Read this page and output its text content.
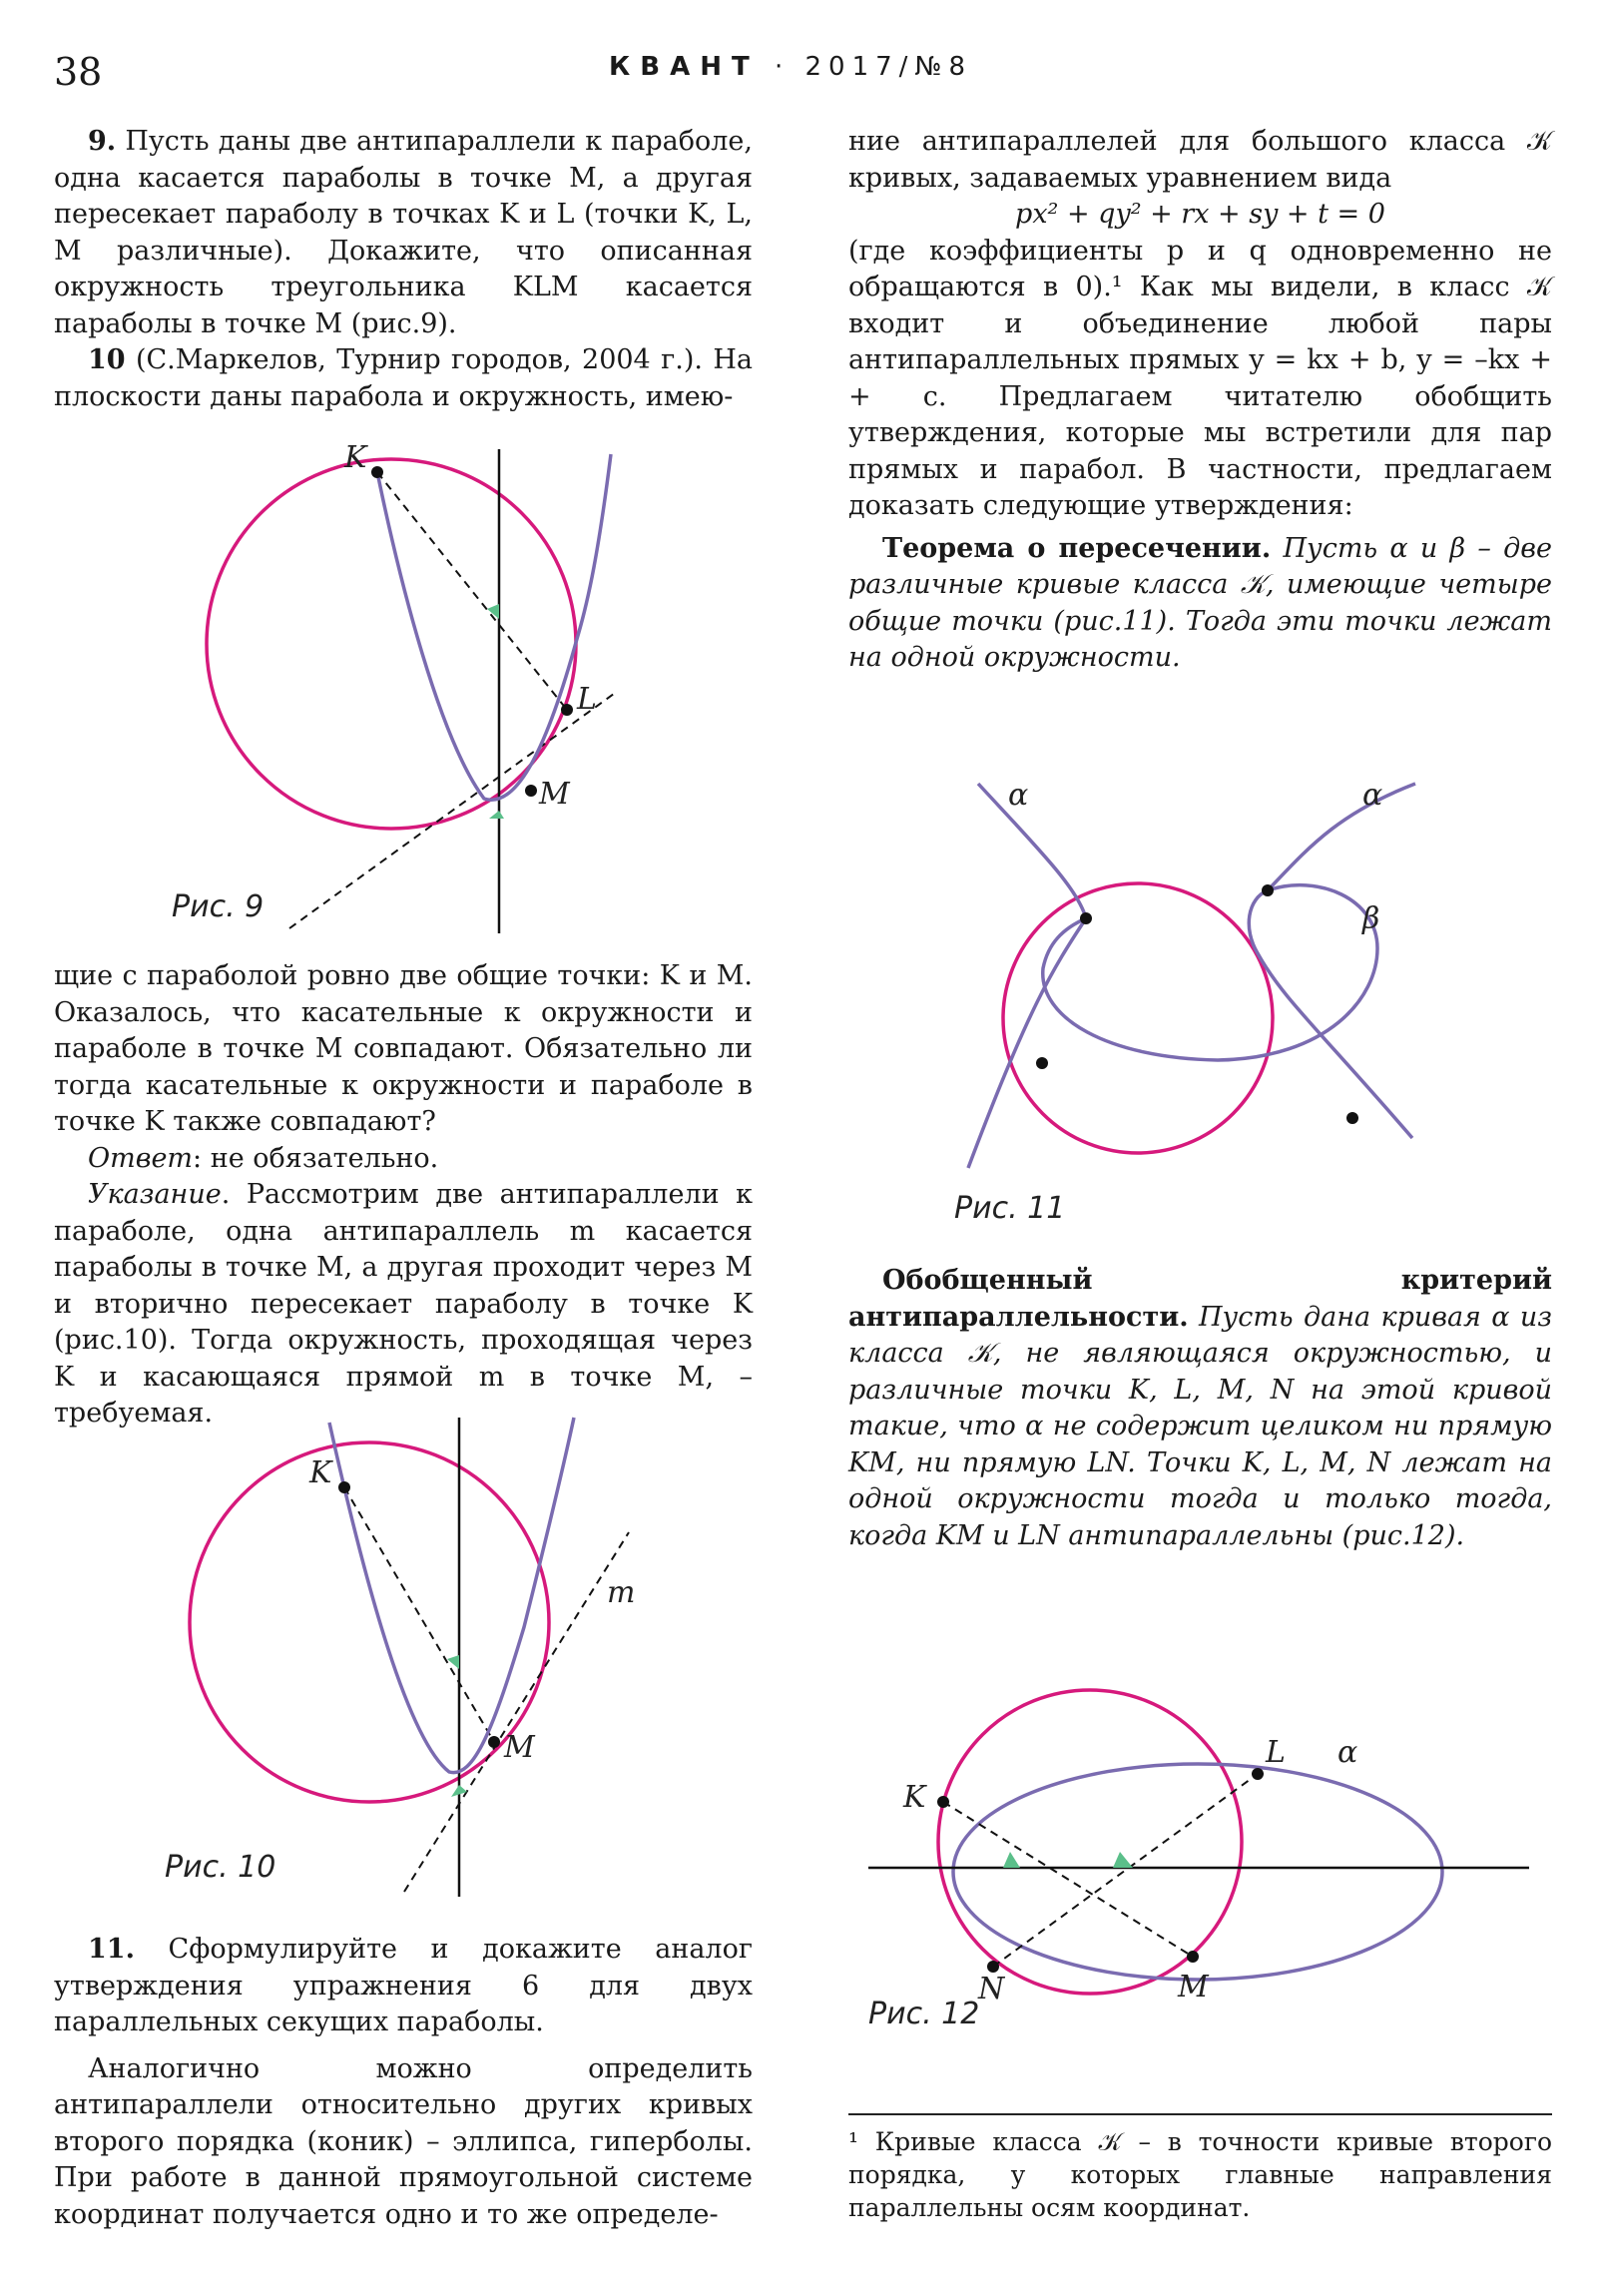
38	КВАНТ · 2017/№8

9. Пусть даны две антипараллели к параболе, одна касается параболы в точке M, а другая пересекает параболу в точках K и L (точки K, L, M различные). Докажите, что описанная окружность треугольника KLM касается параболы в точке M (рис.9).

10 (С.Маркелов, Турнир городов, 2004 г.). На плоскости даны парабола и окружность, имею-

K
L
M
Рис. 9

щие с параболой ровно две общие точки: K и M. Оказалось, что касательные к окружности и параболе в точке M совпадают. Обязательно ли тогда касательные к окружности и параболе в точке K также совпадают?

Ответ: не обязательно.

Указание. Рассмотрим две антипараллели к параболе, одна антипараллель m касается параболы в точке M, а другая проходит через M и вторично пересекает параболу в точке K (рис.10). Тогда окружность, проходящая через K и касающаяся прямой m в точке M, – требуемая.

K
M
m
Рис. 10

11. Сформулируйте и докажите аналог утверждения упражнения 6 для двух параллельных секущих параболы.

Аналогично можно определить антипараллели относительно других кривых второго порядка (коник) – эллипса, гиперболы. При работе в данной прямоугольной системе координат получается одно и то же определе-

ние антипараллелей для большого класса 𝒦 кривых, задаваемых уравнением вида

px² + qy² + rx + sy + t = 0

(где коэффициенты p и q одновременно не обращаются в 0).¹ Как мы видели, в класс 𝒦 входит и объединение любой пары антипараллельных прямых y = kx + b, y = –kx + + c. Предлагаем читателю обобщить утверждения, которые мы встретили для пар прямых и парабол. В частности, предлагаем доказать следующие утверждения:

Теорема о пересечении. Пусть α и β – две различные кривые класса 𝒦, имеющие четыре общие точки (рис.11). Тогда эти точки лежат на одной окружности.

α	α
β
Рис. 11

Обобщенный критерий антипараллельности. Пусть дана кривая α из класса 𝒦, не являющаяся окружностью, и различные точки K, L, M, N на этой кривой такие, что α не содержит целиком ни прямую KM, ни прямую LN. Точки K, L, M, N лежат на одной окружности тогда и только тогда, когда KM и LN антипараллельны (рис.12).

K
L
M
N
α
Рис. 12
¹ Кривые класса 𝒦 – в точности кривые второго порядка, у которых главные направления параллельны осям координат.
